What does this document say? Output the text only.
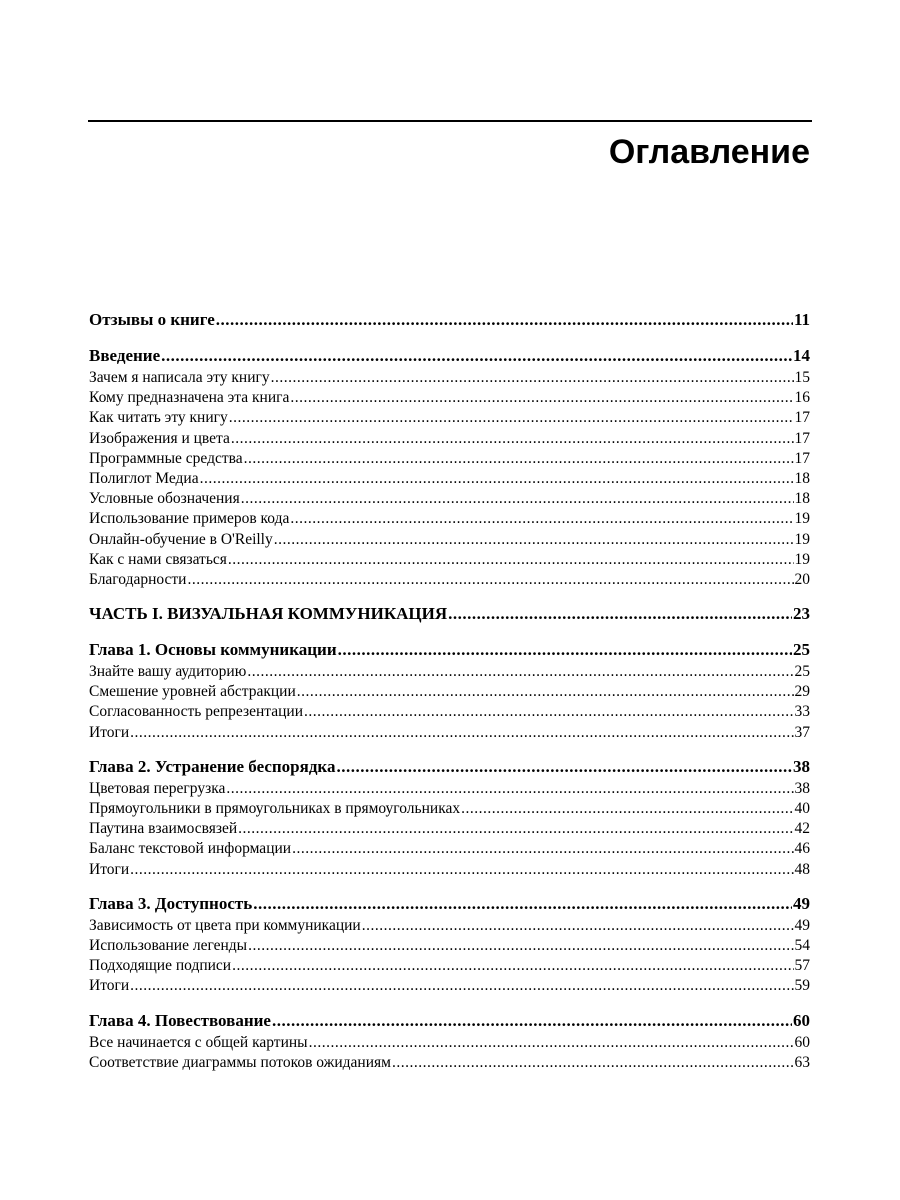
Оглавление
Отзывы о книге .....	11
Введение .....	14
Зачем я написала эту книгу .....	15
Кому предназначена эта книга .....	16
Как читать эту книгу .....	17
Изображения и цвета .....	17
Программные средства .....	17
Полиглот Медиа .....	18
Условные обозначения .....	18
Использование примеров кода .....	19
Онлайн-обучение в O'Reilly .....	19
Как с нами связаться .....	19
Благодарности .....	20
ЧАСТЬ I. ВИЗУАЛЬНАЯ КОММУНИКАЦИЯ .....	23
Глава 1. Основы коммуникации .....	25
Знайте вашу аудиторию .....	25
Смешение уровней абстракции .....	29
Согласованность репрезентации .....	33
Итоги .....	37
Глава 2. Устранение беспорядка .....	38
Цветовая перегрузка .....	38
Прямоугольники в прямоугольниках в прямоугольниках .....	40
Паутина взаимосвязей .....	42
Баланс текстовой информации .....	46
Итоги .....	48
Глава 3. Доступность .....	49
Зависимость от цвета при коммуникации .....	49
Использование легенды .....	54
Подходящие подписи .....	57
Итоги .....	59
Глава 4. Повествование .....	60
Все начинается с общей картины .....	60
Соответствие диаграммы потоков ожиданиям .....	63
